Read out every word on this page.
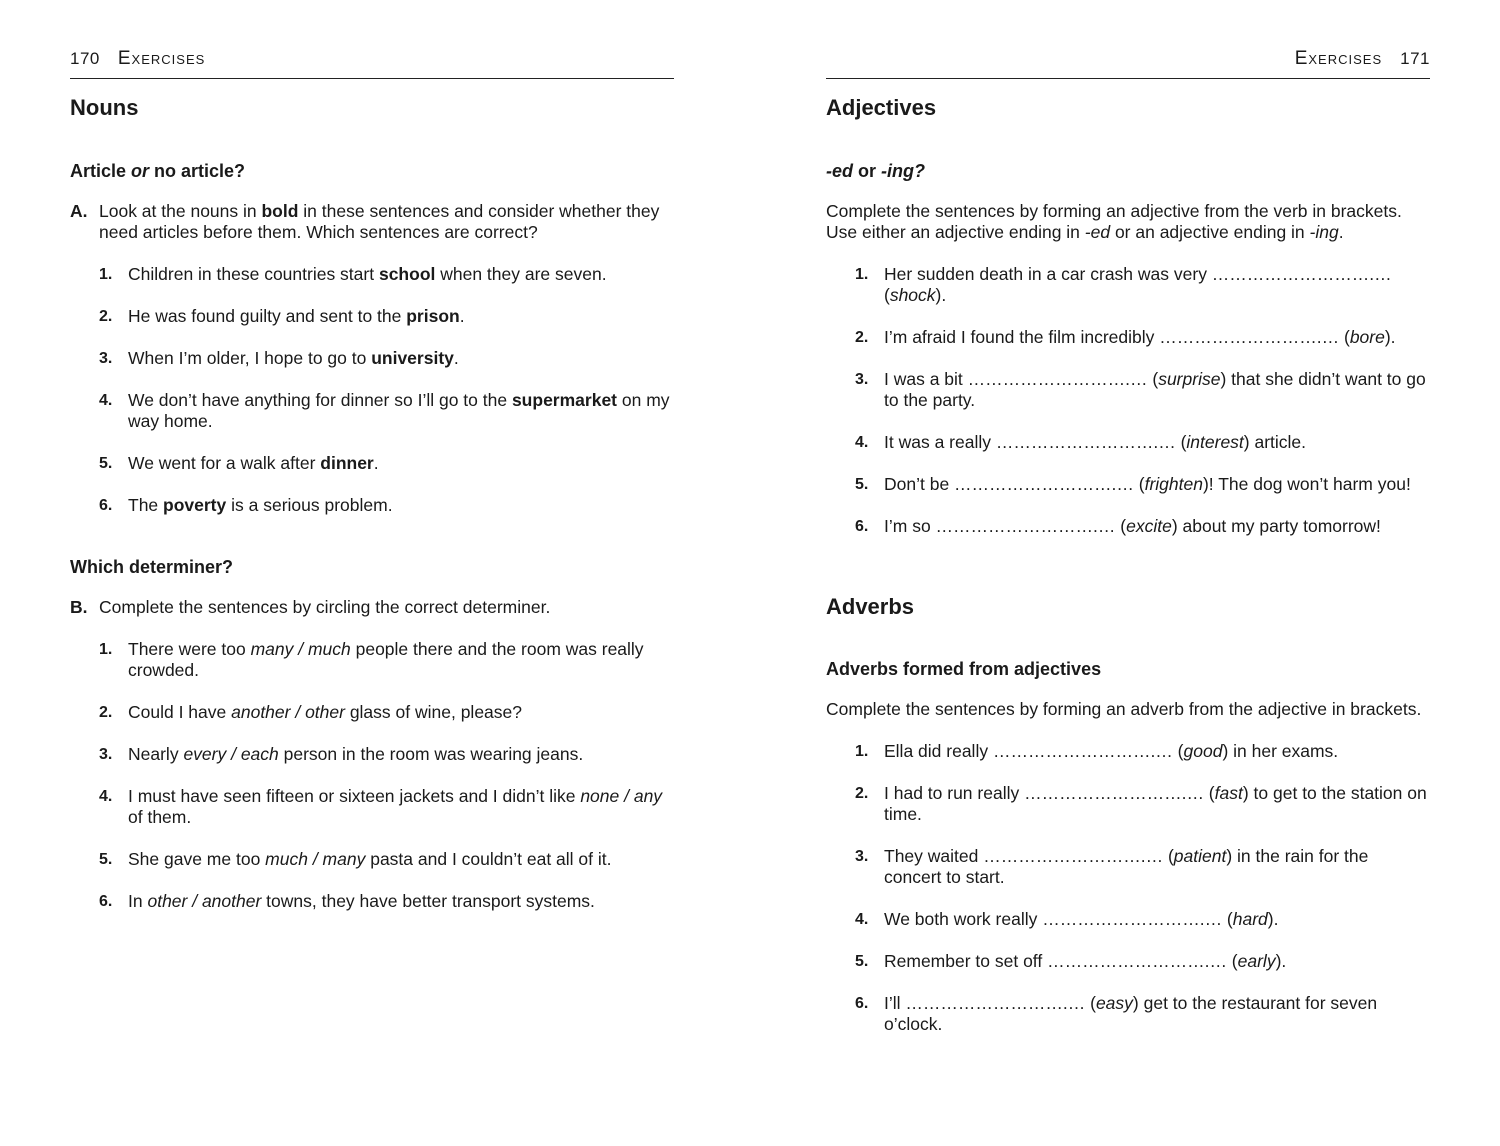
170 Exercises
Nouns
Article or no article?
A. Look at the nouns in bold in these sentences and consider whether they need articles before them. Which sentences are correct?
1. Children in these countries start school when they are seven.
2. He was found guilty and sent to the prison.
3. When I’m older, I hope to go to university.
4. We don’t have anything for dinner so I’ll go to the supermarket on my way home.
5. We went for a walk after dinner.
6. The poverty is a serious problem.
Which determiner?
B. Complete the sentences by circling the correct determiner.
1. There were too many / much people there and the room was really crowded.
2. Could I have another / other glass of wine, please?
3. Nearly every / each person in the room was wearing jeans.
4. I must have seen fifteen or sixteen jackets and I didn’t like none / any of them.
5. She gave me too much / many pasta and I couldn’t eat all of it.
6. In other / another towns, they have better transport systems.
Exercises 171
Adjectives
-ed or -ing?
Complete the sentences by forming an adjective from the verb in brackets. Use either an adjective ending in -ed or an adjective ending in -ing.
1. Her sudden death in a car crash was very ……………………….… (shock).
2. I’m afraid I found the film incredibly ……………………….… (bore).
3. I was a bit ……………………….… (surprise) that she didn’t want to go to the party.
4. It was a really ……………………….… (interest) article.
5. Don’t be ……………………….… (frighten)! The dog won’t harm you!
6. I’m so ……………………….… (excite) about my party tomorrow!
Adverbs
Adverbs formed from adjectives
Complete the sentences by forming an adverb from the adjective in brackets.
1. Ella did really ……………………….… (good) in her exams.
2. I had to run really ……………………….… (fast) to get to the station on time.
3. They waited ……………………….… (patient) in the rain for the concert to start.
4. We both work really ……………………….… (hard).
5. Remember to set off ……………………….… (early).
6. I’ll ……………………….… (easy) get to the restaurant for seven o’clock.
